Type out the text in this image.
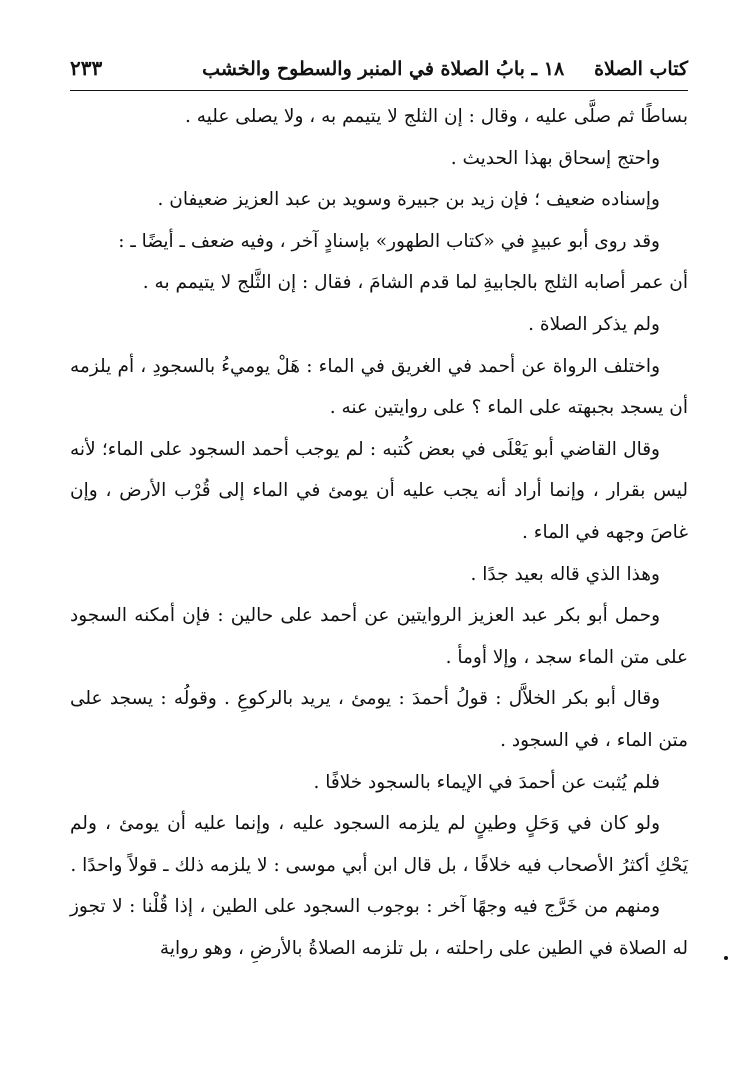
كتاب الصلاة
١٨ ـ بابُ الصلاة في المنبر والسطوح والخشب
٢٣٣

بساطًا ثم صلَّى عليه ، وقال : إن الثلج لا يتيمم به ، ولا يصلى عليه .

واحتج إسحاق بهذا الحديث .

وإسناده ضعيف ؛ فإن زيد بن جبيرة وسويد بن عبد العزيز ضعيفان .

وقد روى أبو عبيدٍ في «كتاب الطهور» بإسنادٍ آخر ، وفيه ضعف ـ أيضًا ـ :

أن عمر أصابه الثلج بالجابيةِ لما قدم الشامَ ، فقال : إن الثَّلج لا يتيمم به .

ولم يذكر الصلاة .

واختلف الرواة عن أحمد في الغريق في الماء : هَلْ يوميءُ بالسجودِ ، أم يلزمه أن يسجد بجبهته على الماء ؟ على روايتين عنه .

وقال القاضي أبو يَعْلَى في بعض كُتبه : لم يوجب أحمد السجود على الماء؛ لأنه ليس بقرار ، وإنما أراد أنه يجب عليه أن يومئ في الماء إلى قُرْب الأرض ، وإن غاصَ وجهه في الماء .

وهذا الذي قاله بعيد جدًا .

وحمل أبو بكر عبد العزيز الروايتين عن أحمد على حالين : فإن أمكنه السجود على متن الماء سجد ، وإلا أومأ .

وقال أبو بكر الخلاَّل : قولُ أحمدَ : يومئ ، يريد بالركوعِ . وقولُه : يسجد على متن الماء ، في السجود .

فلم يُثبت عن أحمدَ في الإيماء بالسجود خلافًا .

ولو كان في وَحَلٍ وطينٍ لم يلزمه السجود عليه ، وإنما عليه أن يومئ ، ولم يَحْكِ أكثرُ الأصحاب فيه خلافًا ، بل قال ابن أبي موسى : لا يلزمه ذلك ـ قولاً واحدًا .

ومنهم من خَرَّج فيه وجهًا آخر : بوجوب السجود على الطين ، إذا قُلْنا : لا تجوز له الصلاة في الطين على راحلته ، بل تلزمه الصلاةُ بالأرضِ ، وهو رواية
